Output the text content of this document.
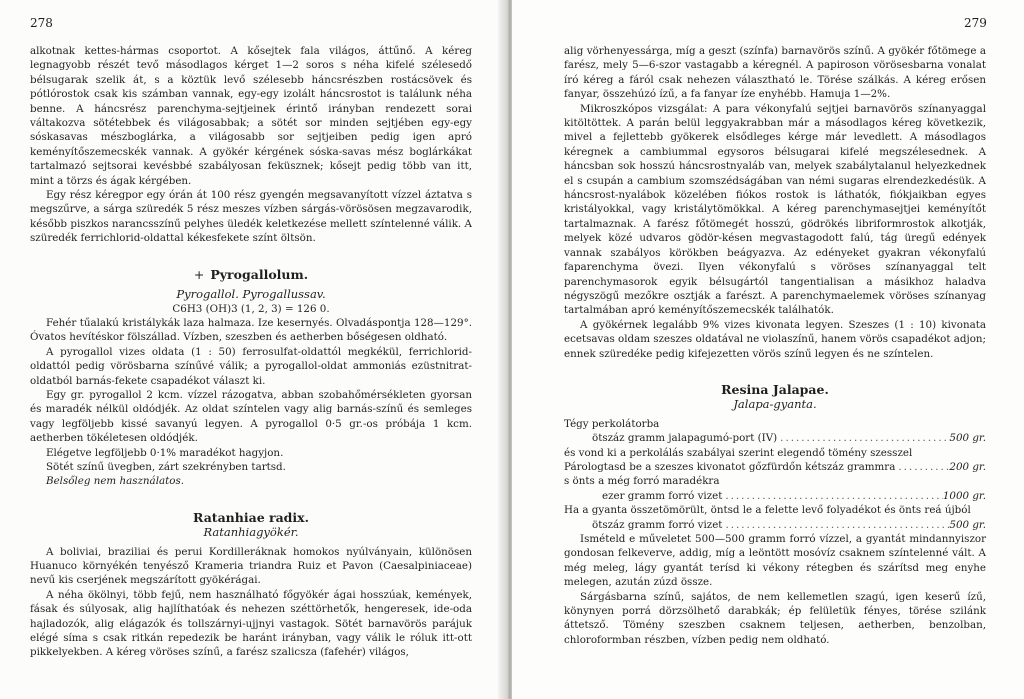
278

alkotnak kettes-hármas csoportot. A kősejtek fala világos, áttűnő. A kéreg legnagyobb részét tevő másodlagos kérget 1—2 soros s néha kifelé szélesedő bélsugarak szelik át, s a köztük levő szélesebb háncsrészben rostácsövek és pótlórostok csak kis számban vannak, egy-egy izolált háncsrostot is találunk néha benne. A háncsrész parenchyma-sejtjeinek érintő irányban rendezett sorai váltakozva sötétebbek és világosabbak; a sötét sor minden sejtjében egy-egy sóskasavas mészboglárka, a világosabb sor sejtjeiben pedig igen apró keményítőszemecskék vannak. A gyökér kérgének sóska-savas mész boglárkákat tartalmazó sejtsorai kevésbbé szabályosan feküsznek; kősejt pedig több van itt, mint a törzs és ágak kérgében.

Egy rész kéregpor egy órán át 100 rész gyengén megsavanyított vízzel áztatva s megszűrve, a sárga szüredék 5 rész meszes vízben sárgás-vörösösen megzavarodik, később piszkos narancsszínű pelyhes üledék keletkezése mellett színtelenné válik. A szüredék ferrichlorid-oldattal kékesfekete színt öltsön.

+ Pyrogallolum.

Pyrogallol. Pyrogallussav.

C6H3 (OH)3 (1, 2, 3) = 126 0.

Fehér tűalakú kristálykák laza halmaza. Ize kesernyés. Olvadáspontja 128—129°. Óvatos hevítéskor fölszállad. Vízben, szeszben és aetherben bőségesen oldható.

A pyrogallol vizes oldata (1 : 50) ferrosulfat-oldattól megkékül, ferrichlorid-oldattól pedig vörösbarna színűvé válik; a pyrogallol-oldat ammoniás ezüstnitrat-oldatból barnás-fekete csapadékot választ ki.

Egy gr. pyrogallol 2 kcm. vízzel rázogatva, abban szobahőmérsékleten gyorsan és maradék nélkül oldódjék. Az oldat színtelen vagy alig barnás-színű és semleges vagy legföljebb kissé savanyú legyen. A pyrogallol 0·5 gr.-os próbája 1 kcm. aetherben tökéletesen oldódjék.

Elégetve legföljebb 0·1% maradékot hagyjon.

Sötét színű üvegben, zárt szekrényben tartsd.

Belsőleg nem használatos.

Ratanhiae radix.

Ratanhiagyökér.

A boliviai, braziliai és perui Kordilleráknak homokos nyúlványain, különösen Huanuco környékén tenyésző Krameria triandra Ruiz et Pavon (Caesalpiniaceae) nevű kis cserjének megszárított gyökérágai.

A néha ökölnyi, több fejű, nem használható főgyökér ágai hosszúak, kemények, fásak és súlyosak, alig hajlíthatóak és nehezen széttörhetők, hengeresek, ide-oda hajladozók, alig elágazók és tollszárnyi-ujjnyi vastagok. Sötét barnavörös parájuk elégé síma s csak ritkán repedezik be haránt irányban, vagy válik le róluk itt-ott pikkelyekben. A kéreg vöröses színű, a farész szalicsza (fafehér) világos,

279

alig vörhenyessárga, míg a geszt (színfa) barnavörös színű. A gyökér főtömege a farész, mely 5—6-szor vastagabb a kéregnél. A papiroson vörösesbarna vonalat író kéreg a fáról csak nehezen választható le. Törése szálkás. A kéreg erősen fanyar, összehúzó ízű, a fa fanyar íze enyhébb. Hamuja 1—2%.

Mikroszkópos vizsgálat: A para vékonyfalú sejtjei barnavörös színanyaggal kitöltöttek. A parán belül leggyakrabban már a másodlagos kéreg következik, mivel a fejlettebb gyökerek elsődleges kérge már levedlett. A másodlagos kéregnek a cambiummal egysoros bélsugarai kifelé megszélesednek. A háncsban sok hosszú háncsrostnyaláb van, melyek szabálytalanul helyezkednek el s csupán a cambium szomszédságában van némi sugaras elrendezkedésük. A háncsrost-nyalábok közelében fiókos rostok is láthatók, fiókjaikban egyes kristályokkal, vagy kristálytömökkal. A kéreg parenchymasejtjei keményítőt tartalmaznak. A farész főtömegét hosszú, gödrökés libriformrostok alkotják, melyek közé udvaros gödör-késen megvastagodott falú, tág üregű edények vannak szabályos körökben beágyazva. Az edényeket gyakran vékonyfalú faparenchyma övezi. Ilyen vékonyfalú s vöröses színanyaggal telt parenchymasorok egyik bélsugártól tangentialisan a másikhoz haladva négyszögű mezőkre osztják a farészt. A parenchymaelemek vöröses színanyag tartalmában apró keményítőszemecskék találhatók.

A gyökérnek legalább 9% vizes kivonata legyen. Szeszes (1 : 10) kivonata ecetsavas oldam szeszes oldatával ne violaszínű, hanem vörös csapadékot adjon; ennek szüredéke pedig kifejezetten vörös színű legyen és ne színtelen.

Resina Jalapae.

Jalapa-gyanta.

Tégy perkolátorba

ötszáz gramm jalapagumó-port (IV) .....	500 gr.

és vond ki a perkolálás szabályai szerint elegendő tömény szesszel

Párologtasd be a szeszes kivonatot gőzfürdőn kétszáz grammra .....	200 gr.

s önts a még forró maradékra

ezer gramm forró vizet .....	1000 gr.

Ha a gyanta összetömörült, öntsd le a felette levő folyadékot és önts reá újból

ötszáz gramm forró vizet .....	500 gr.

Ismételd e műveletet 500—500 gramm forró vízzel, a gyantát mindannyiszor gondosan felkeverve, addig, míg a leöntött mosóvíz csaknem színtelenné vált. A még meleg, lágy gyantát terísd ki vékony rétegben és szárítsd meg enyhe melegen, azután zúzd össze.

Sárgásbarna színű, sajátos, de nem kellemetlen szagú, igen keserű ízű, könynyen porrá dörzsölhető darabkák; ép felületük fényes, törése szilánk áttetsző. Tömény szeszben csaknem teljesen, aetherben, benzolban, chloroformban részben, vízben pedig nem oldható.
